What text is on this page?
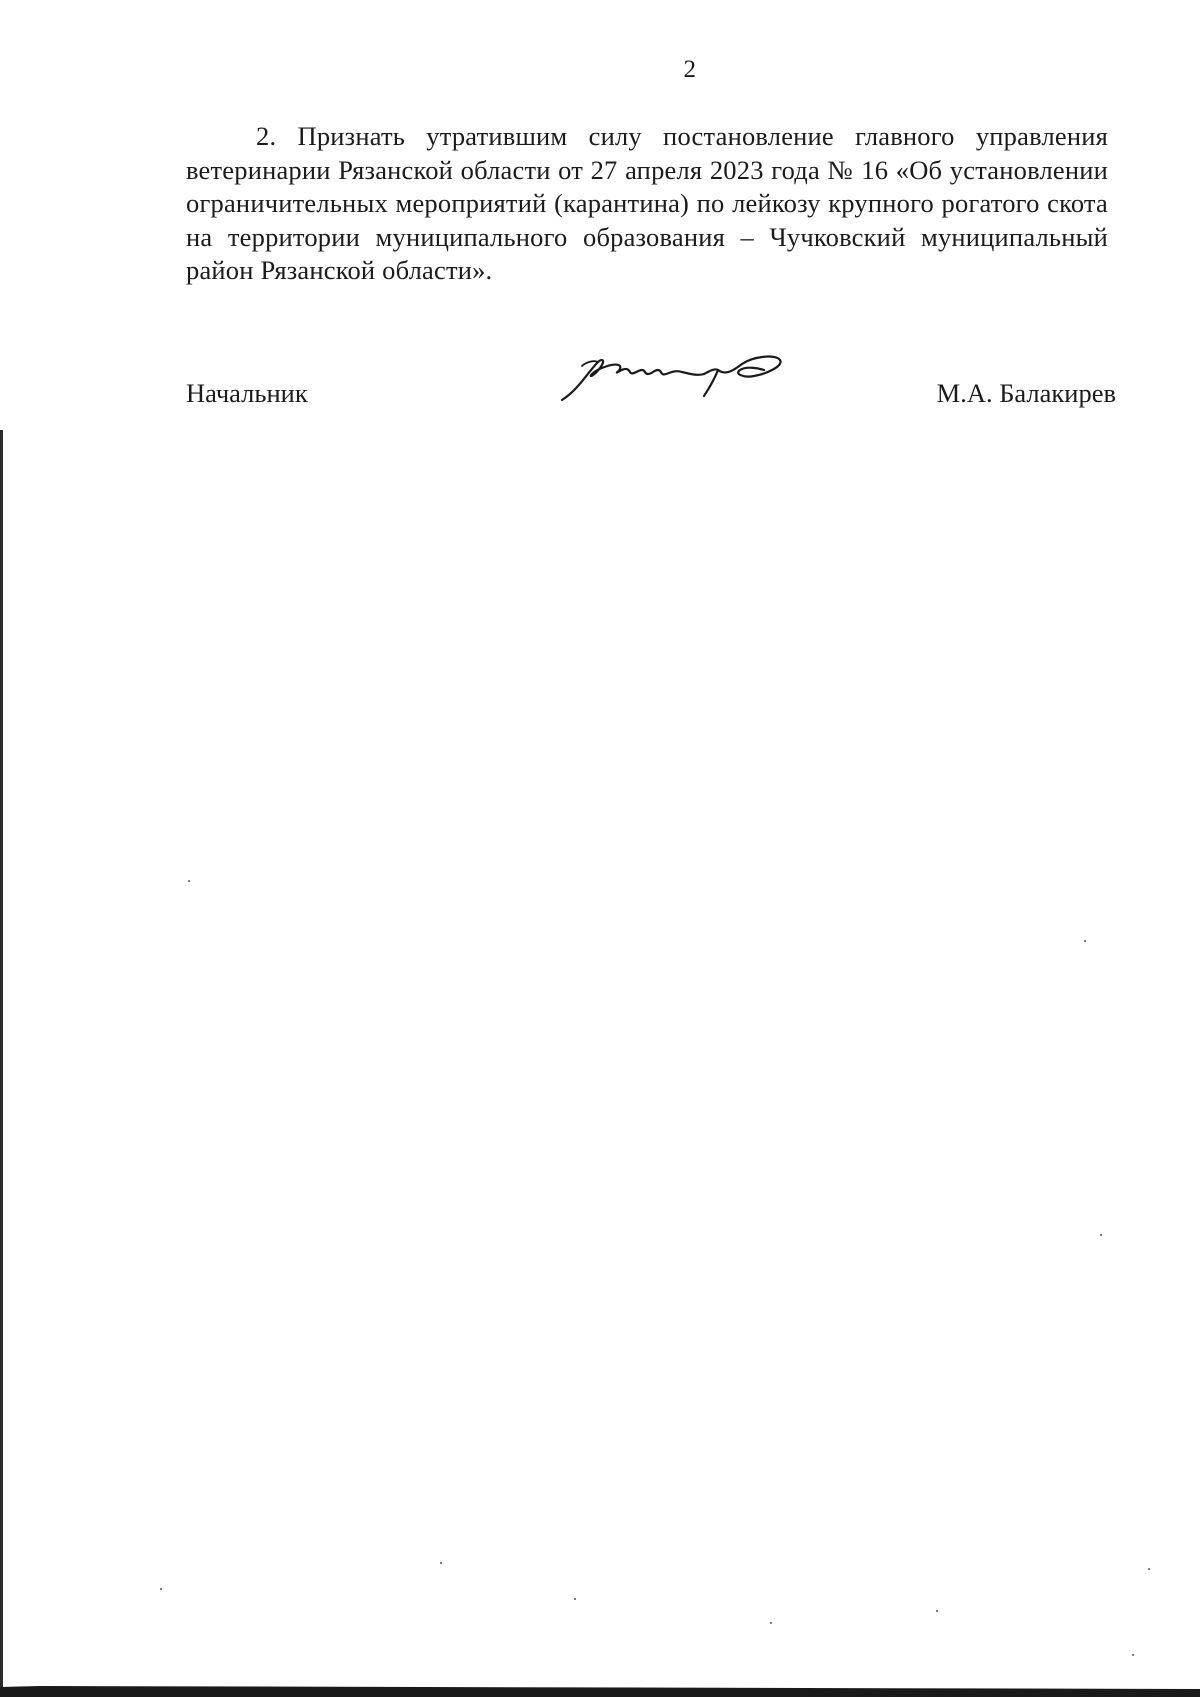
2
2. Признать утратившим силу постановление главного управления ветеринарии Рязанской области от 27 апреля 2023 года № 16 «Об установлении ограничительных мероприятий (карантина) по лейкозу крупного рогатого скота на территории муниципального образования – Чучковский муниципальный район Рязанской области».
Начальник	М.А. Балакирев
